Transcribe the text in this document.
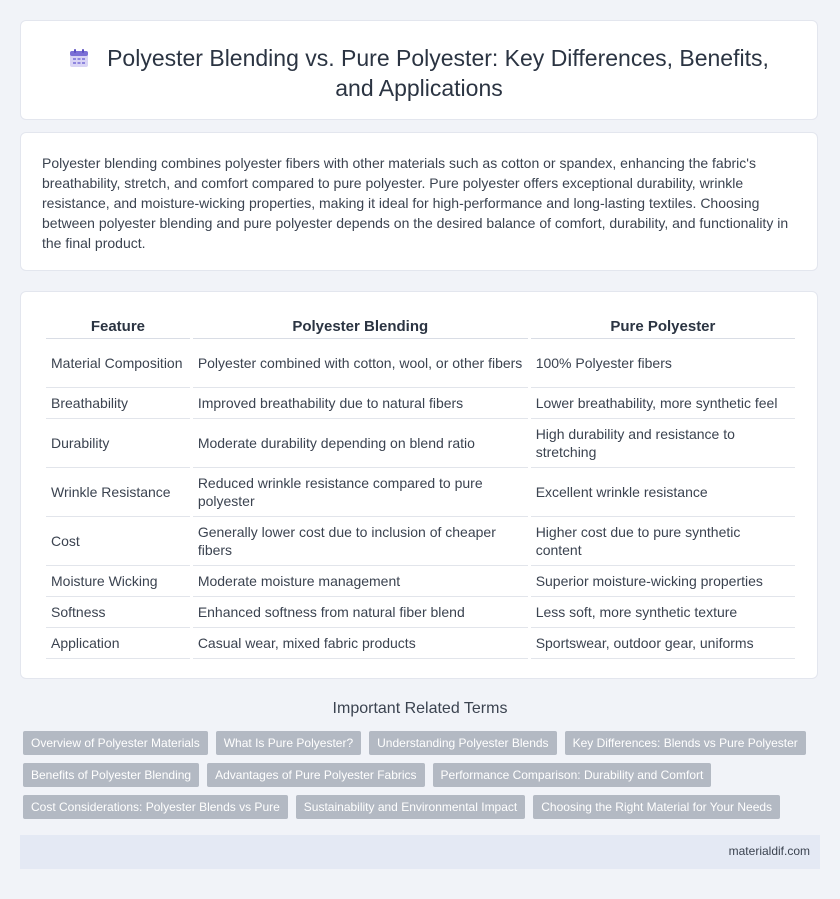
Polyester Blending vs. Pure Polyester: Key Differences, Benefits, and Applications
Polyester blending combines polyester fibers with other materials such as cotton or spandex, enhancing the fabric's breathability, stretch, and comfort compared to pure polyester. Pure polyester offers exceptional durability, wrinkle resistance, and moisture-wicking properties, making it ideal for high-performance and long-lasting textiles. Choosing between polyester blending and pure polyester depends on the desired balance of comfort, durability, and functionality in the final product.
Feature	Polyester Blending	Pure Polyester
Material Composition	Polyester combined with cotton, wool, or other fibers	100% Polyester fibers
Breathability	Improved breathability due to natural fibers	Lower breathability, more synthetic feel
Durability	Moderate durability depending on blend ratio	High durability and resistance to stretching
Wrinkle Resistance	Reduced wrinkle resistance compared to pure polyester	Excellent wrinkle resistance
Cost	Generally lower cost due to inclusion of cheaper fibers	Higher cost due to pure synthetic content
Moisture Wicking	Moderate moisture management	Superior moisture-wicking properties
Softness	Enhanced softness from natural fiber blend	Less soft, more synthetic texture
Application	Casual wear, mixed fabric products	Sportswear, outdoor gear, uniforms
Important Related Terms
Overview of Polyester Materials	What Is Pure Polyester?	Understanding Polyester Blends	Key Differences: Blends vs Pure Polyester
Benefits of Polyester Blending	Advantages of Pure Polyester Fabrics	Performance Comparison: Durability and Comfort
Cost Considerations: Polyester Blends vs Pure	Sustainability and Environmental Impact	Choosing the Right Material for Your Needs
materialdif.com
